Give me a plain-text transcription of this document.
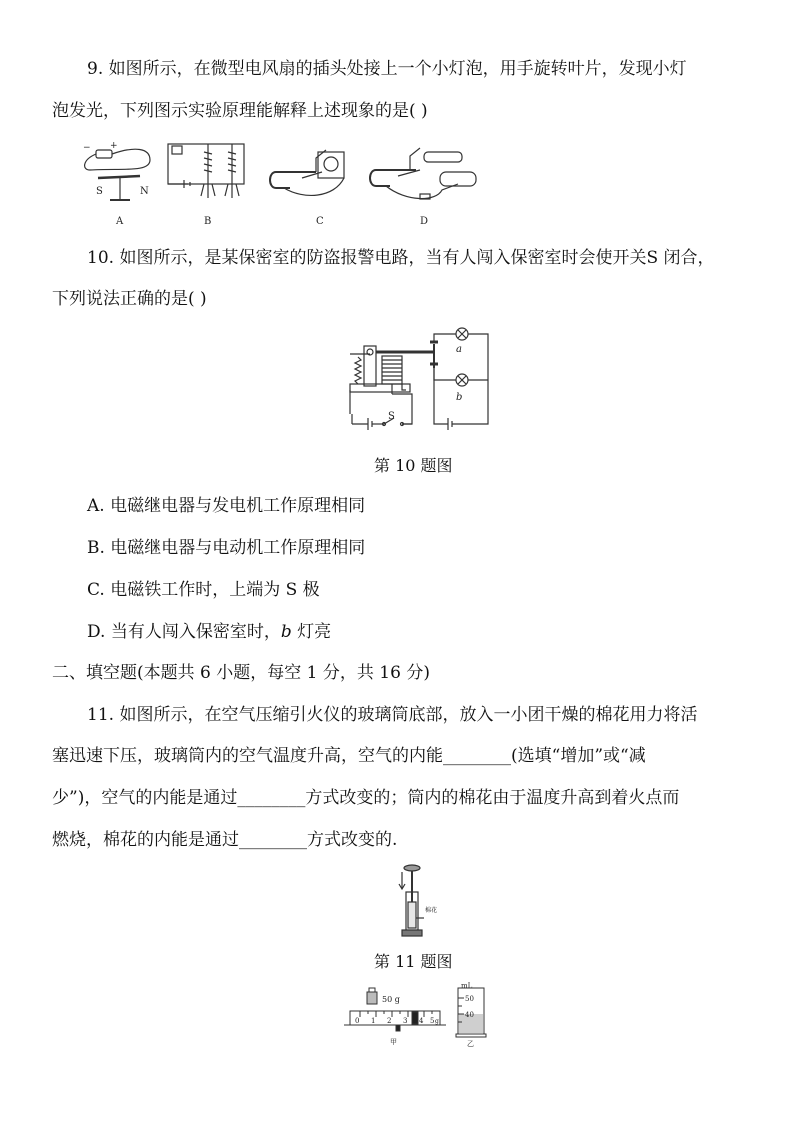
9. 如图所示，在微型电风扇的插头处接上一个小灯泡，用手旋转叶片，发现小灯
泡发光，下列图示实验原理能解释上述现象的是( )
− +
S	N
A	B	C	D
10. 如图所示，是某保密室的防盗报警电路，当有人闯入保密室时会使开关S 闭合，
下列说法正确的是( )
a
b
S
第 10 题图
A. 电磁继电器与发电机工作原理相同
B. 电磁继电器与电动机工作原理相同
C. 电磁铁工作时，上端为 S 极
D. 当有人闯入保密室时，b 灯亮
二、填空题(本题共 6 小题，每空 1 分，共 16 分)
11. 如图所示，在空气压缩引火仪的玻璃筒底部，放入一小团干燥的棉花用力将活
塞迅速下压，玻璃筒内的空气温度升高，空气的内能________(选填“增加”或“减
少”)，空气的内能是通过________方式改变的；筒内的棉花由于温度升高到着火点而
燃烧，棉花的内能是通过________方式改变的.
棉花
第 11 题图
50 g
0 1 2 3 4 5 g
mL
50
40
甲	乙
